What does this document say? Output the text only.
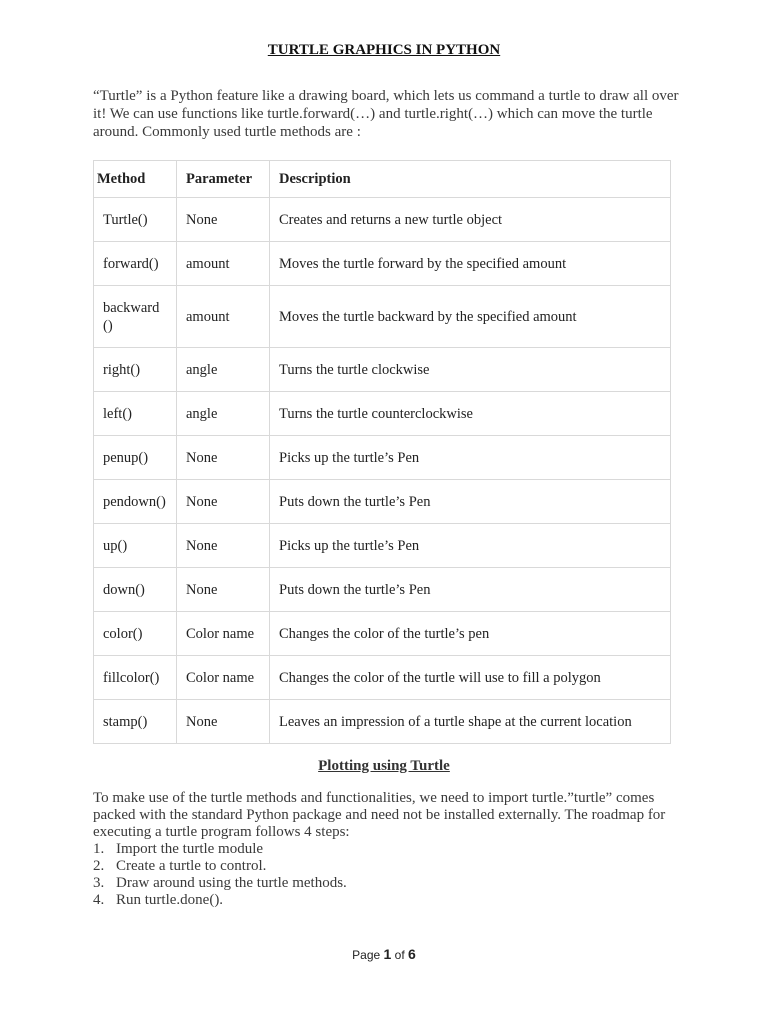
TURTLE GRAPHICS IN PYTHON
“Turtle” is a Python feature like a drawing board, which lets us command a turtle to draw all over it! We can use functions like turtle.forward(…) and turtle.right(…) which can move the turtle around. Commonly used turtle methods are :
Method	Parameter	Description
Turtle()	None	Creates and returns a new turtle object
forward()	amount	Moves the turtle forward by the specified amount
backward()	amount	Moves the turtle backward by the specified amount
right()	angle	Turns the turtle clockwise
left()	angle	Turns the turtle counterclockwise
penup()	None	Picks up the turtle’s Pen
pendown()	None	Puts down the turtle’s Pen
up()	None	Picks up the turtle’s Pen
down()	None	Puts down the turtle’s Pen
color()	Color name	Changes the color of the turtle’s pen
fillcolor()	Color name	Changes the color of the turtle will use to fill a polygon
stamp()	None	Leaves an impression of a turtle shape at the current location
Plotting using Turtle
To make use of the turtle methods and functionalities, we need to import turtle.”turtle” comes packed with the standard Python package and need not be installed externally. The roadmap for executing a turtle program follows 4 steps:
1. Import the turtle module
2. Create a turtle to control.
3. Draw around using the turtle methods.
4. Run turtle.done().
Page 1 of 6
